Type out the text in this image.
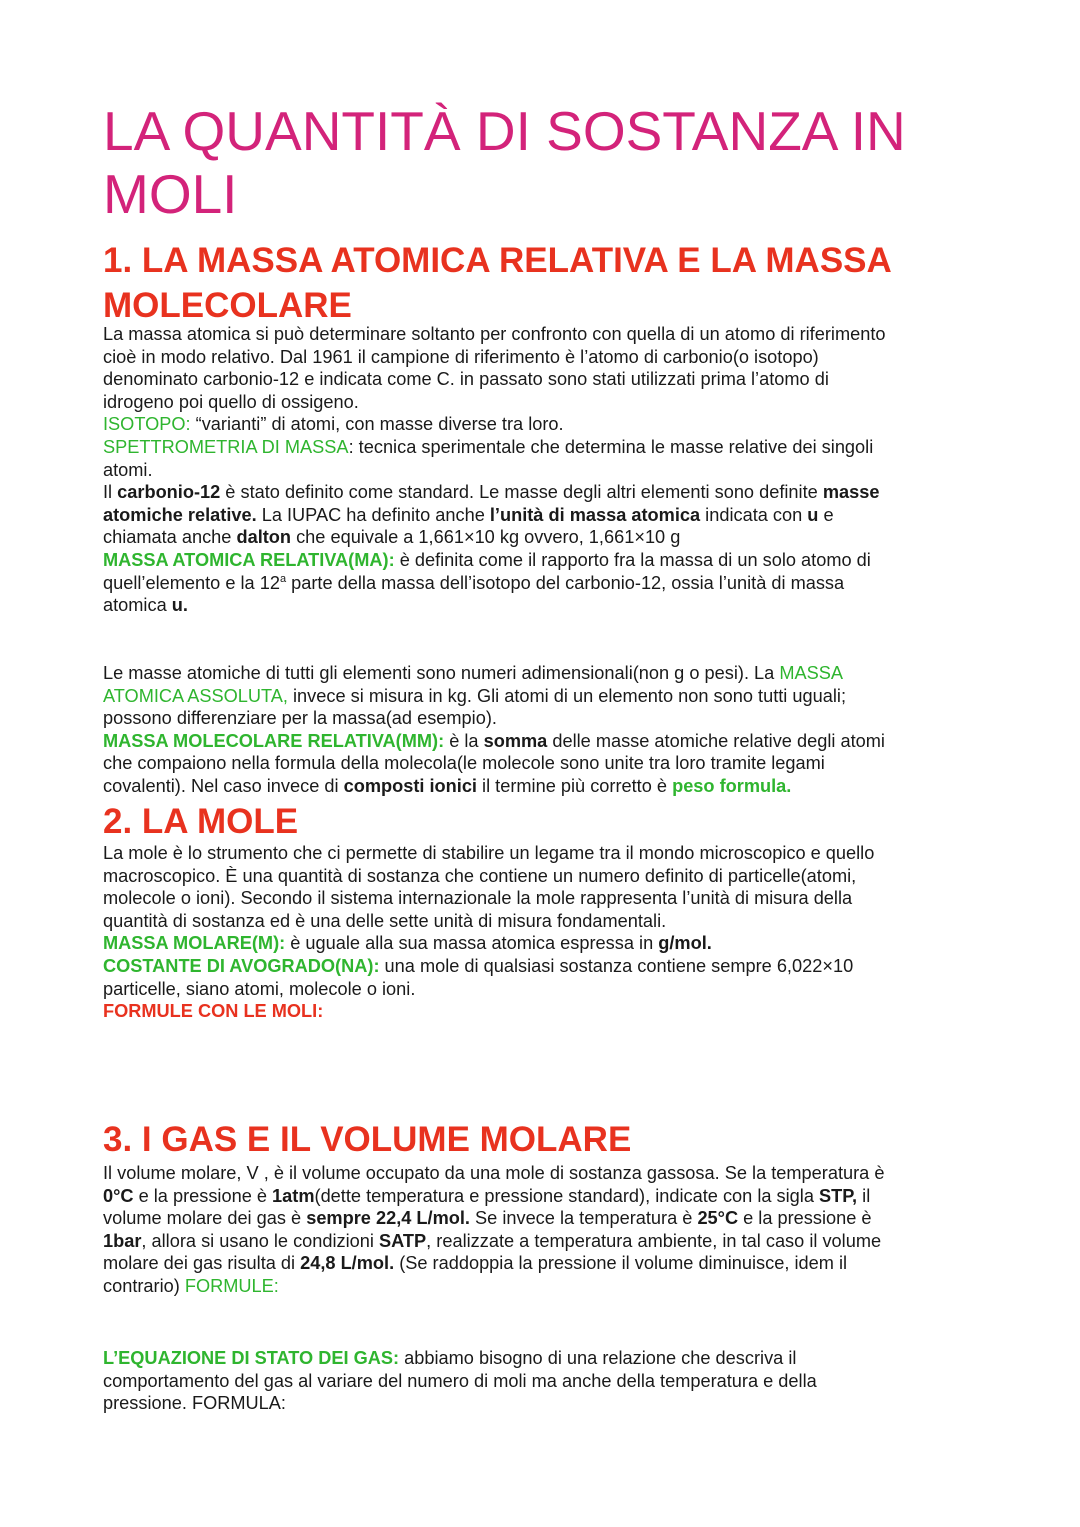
LA QUANTITÀ DI SOSTANZA IN MOLI
1. LA MASSA ATOMICA RELATIVA E LA MASSA MOLECOLARE
La massa atomica si può determinare soltanto per confronto con quella di un atomo di riferimento
cioè in modo relativo. Dal 1961 il campione di riferimento è l’atomo di carbonio(o isotopo)
denominato carbonio-12 e indicata come C. in passato sono stati utilizzati prima l’atomo di
idrogeno poi quello di ossigeno.
ISOTOPO: “varianti” di atomi, con masse diverse tra loro.
SPETTROMETRIA DI MASSA: tecnica sperimentale che determina le masse relative dei singoli
atomi.
Il carbonio-12 è stato definito come standard. Le masse degli altri elementi sono definite masse
atomiche relative. La IUPAC ha definito anche l’unità di massa atomica indicata con u e
chiamata anche dalton che equivale a 1,661×10 kg ovvero, 1,661×10 g
MASSA ATOMICA RELATIVA(MA): è definita come il rapporto fra la massa di un solo atomo di
quell’elemento e la 12$^a$ parte della massa dell’isotopo del carbonio-12, ossia l’unità di massa
atomica u.
Le masse atomiche di tutti gli elementi sono numeri adimensionali(non g o pesi). La MASSA
ATOMICA ASSOLUTA, invece si misura in kg. Gli atomi di un elemento non sono tutti uguali;
possono differenziare per la massa(ad esempio).
MASSA MOLECOLARE RELATIVA(MM): è la somma delle masse atomiche relative degli atomi
che compaiono nella formula della molecola(le molecole sono unite tra loro tramite legami
covalenti). Nel caso invece di composti ionici il termine più corretto è peso formula.
2. LA MOLE
La mole è lo strumento che ci permette di stabilire un legame tra il mondo microscopico e quello
macroscopico. È una quantità di sostanza che contiene un numero definito di particelle(atomi,
molecole o ioni). Secondo il sistema internazionale la mole rappresenta l’unità di misura della
quantità di sostanza ed è una delle sette unità di misura fondamentali.
MASSA MOLARE(M): è uguale alla sua massa atomica espressa in g/mol.
COSTANTE DI AVOGRADO(NA): una mole di qualsiasi sostanza contiene sempre 6,022×10
particelle, siano atomi, molecole o ioni.
FORMULE CON LE MOLI:
3. I GAS E IL VOLUME MOLARE
Il volume molare, V , è il volume occupato da una mole di sostanza gassosa. Se la temperatura è
0°C e la pressione è 1atm(dette temperatura e pressione standard), indicate con la sigla STP, il
volume molare dei gas è sempre 22,4 L/mol. Se invece la temperatura è 25°C e la pressione è
1bar, allora si usano le condizioni SATP, realizzate a temperatura ambiente, in tal caso il volume
molare dei gas risulta di 24,8 L/mol. (Se raddoppia la pressione il volume diminuisce, idem il
contrario) FORMULE:
L’EQUAZIONE DI STATO DEI GAS: abbiamo bisogno di una relazione che descriva il
comportamento del gas al variare del numero di moli ma anche della temperatura e della
pressione. FORMULA:
